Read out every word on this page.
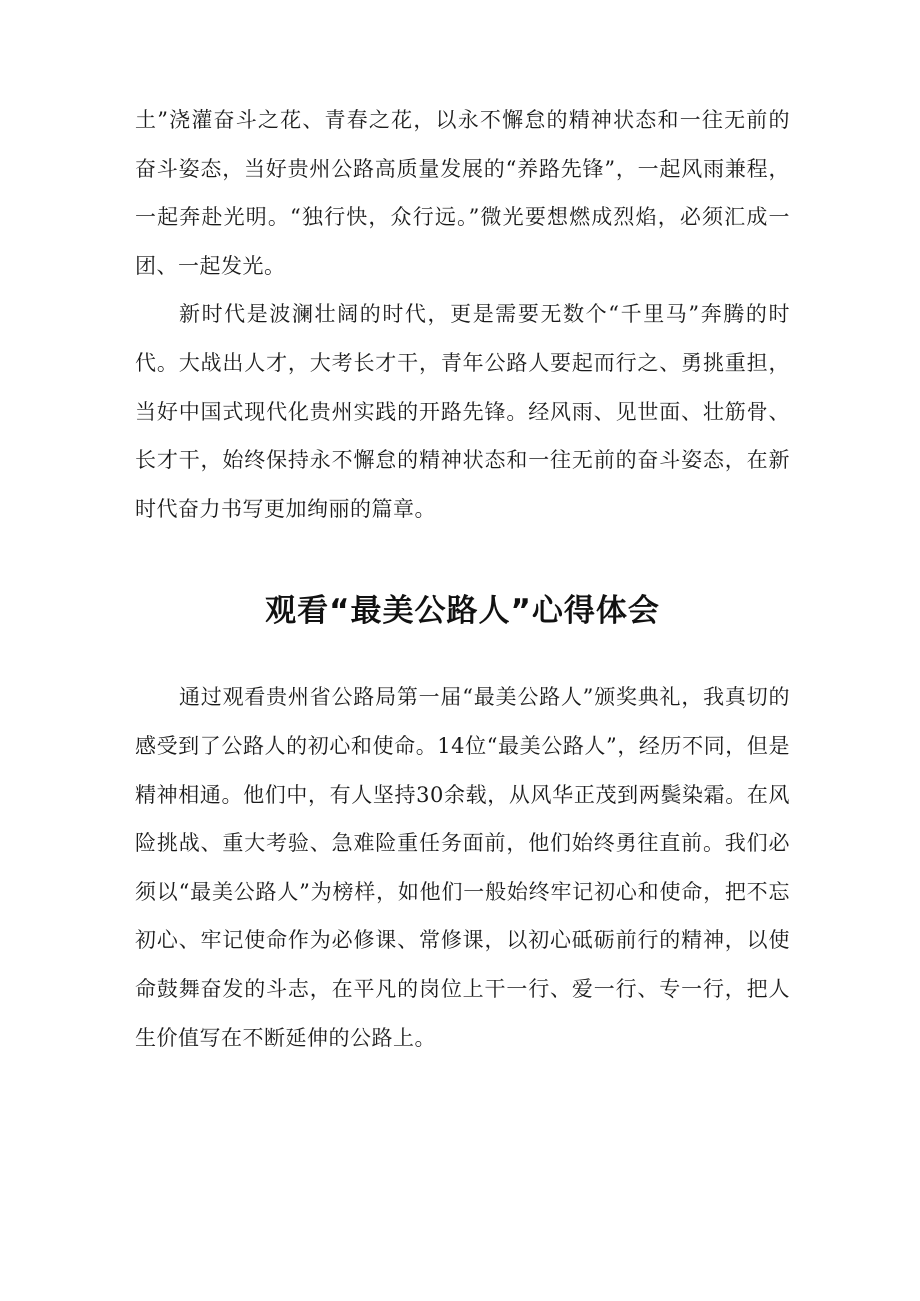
土”浇灌奋斗之花、青春之花，以永不懈怠的精神状态和一往无前的奋斗姿态，当好贵州公路高质量发展的“养路先锋”，一起风雨兼程，一起奔赴光明。“独行快，众行远。”微光要想燃成烈焰，必须汇成一团、一起发光。

新时代是波澜壮阔的时代，更是需要无数个“千里马”奔腾的时代。大战出人才，大考长才干，青年公路人要起而行之、勇挑重担，当好中国式现代化贵州实践的开路先锋。经风雨、见世面、壮筋骨、长才干，始终保持永不懈怠的精神状态和一往无前的奋斗姿态，在新时代奋力书写更加绚丽的篇章。

观看“最美公路人”心得体会

通过观看贵州省公路局第一届“最美公路人”颁奖典礼，我真切的感受到了公路人的初心和使命。14位“最美公路人”，经历不同，但是精神相通。他们中，有人坚持30余载，从风华正茂到两鬓染霜。在风险挑战、重大考验、急难险重任务面前，他们始终勇往直前。我们必须以“最美公路人”为榜样，如他们一般始终牢记初心和使命，把不忘初心、牢记使命作为必修课、常修课，以初心砥砺前行的精神，以使命鼓舞奋发的斗志，在平凡的岗位上干一行、爱一行、专一行，把人生价值写在不断延伸的公路上。
